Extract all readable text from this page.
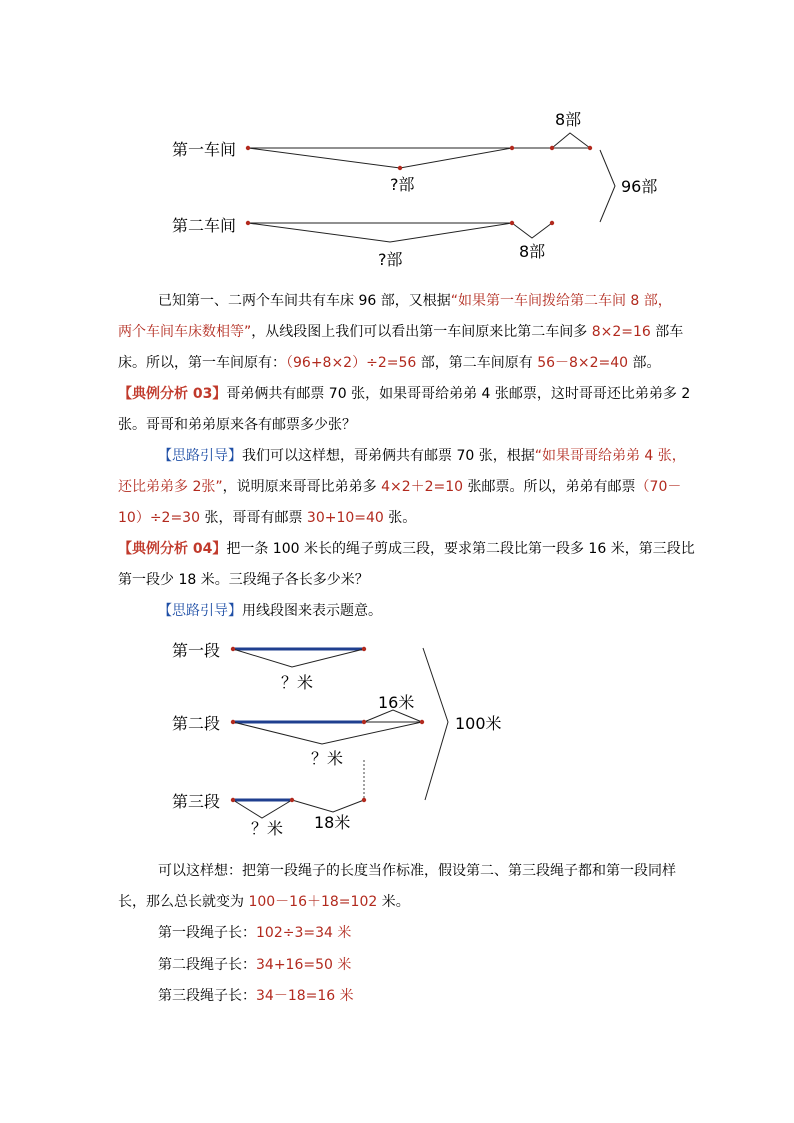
第一车间
第二车间
8部
?部	96部
?部	8部
已知第一、二两个车间共有车床 96 部，又根据“如果第一车间拨给第二车间 8 部，
两个车间车床数相等”，从线段图上我们可以看出第一车间原来比第二车间多 8×2=16 部车
床。所以，第一车间原有：（96+8×2）÷2=56 部，第二车间原有 56－8×2=40 部。
【典例分析 03】哥弟俩共有邮票 70 张，如果哥哥给弟弟 4 张邮票，这时哥哥还比弟弟多 2
张。哥哥和弟弟原来各有邮票多少张？
【思路引导】我们可以这样想，哥弟俩共有邮票 70 张，根据“如果哥哥给弟弟 4 张，
还比弟弟多 2张”，说明原来哥哥比弟弟多 4×2＋2=10 张邮票。所以，弟弟有邮票（70－
10）÷2=30 张，哥哥有邮票 30+10=40 张。
【典例分析 04】把一条 100 米长的绳子剪成三段，要求第二段比第一段多 16 米，第三段比
第一段少 18 米。三段绳子各长多少米？
【思路引导】用线段图来表示题意。
第一段
第二段
第三段
？米
16米
？米
100米
？米 18米
可以这样想：把第一段绳子的长度当作标准，假设第二、第三段绳子都和第一段同样
长，那么总长就变为 100－16＋18=102 米。
第一段绳子长：102÷3=34 米
第二段绳子长：34+16=50 米
第三段绳子长：34－18=16 米
